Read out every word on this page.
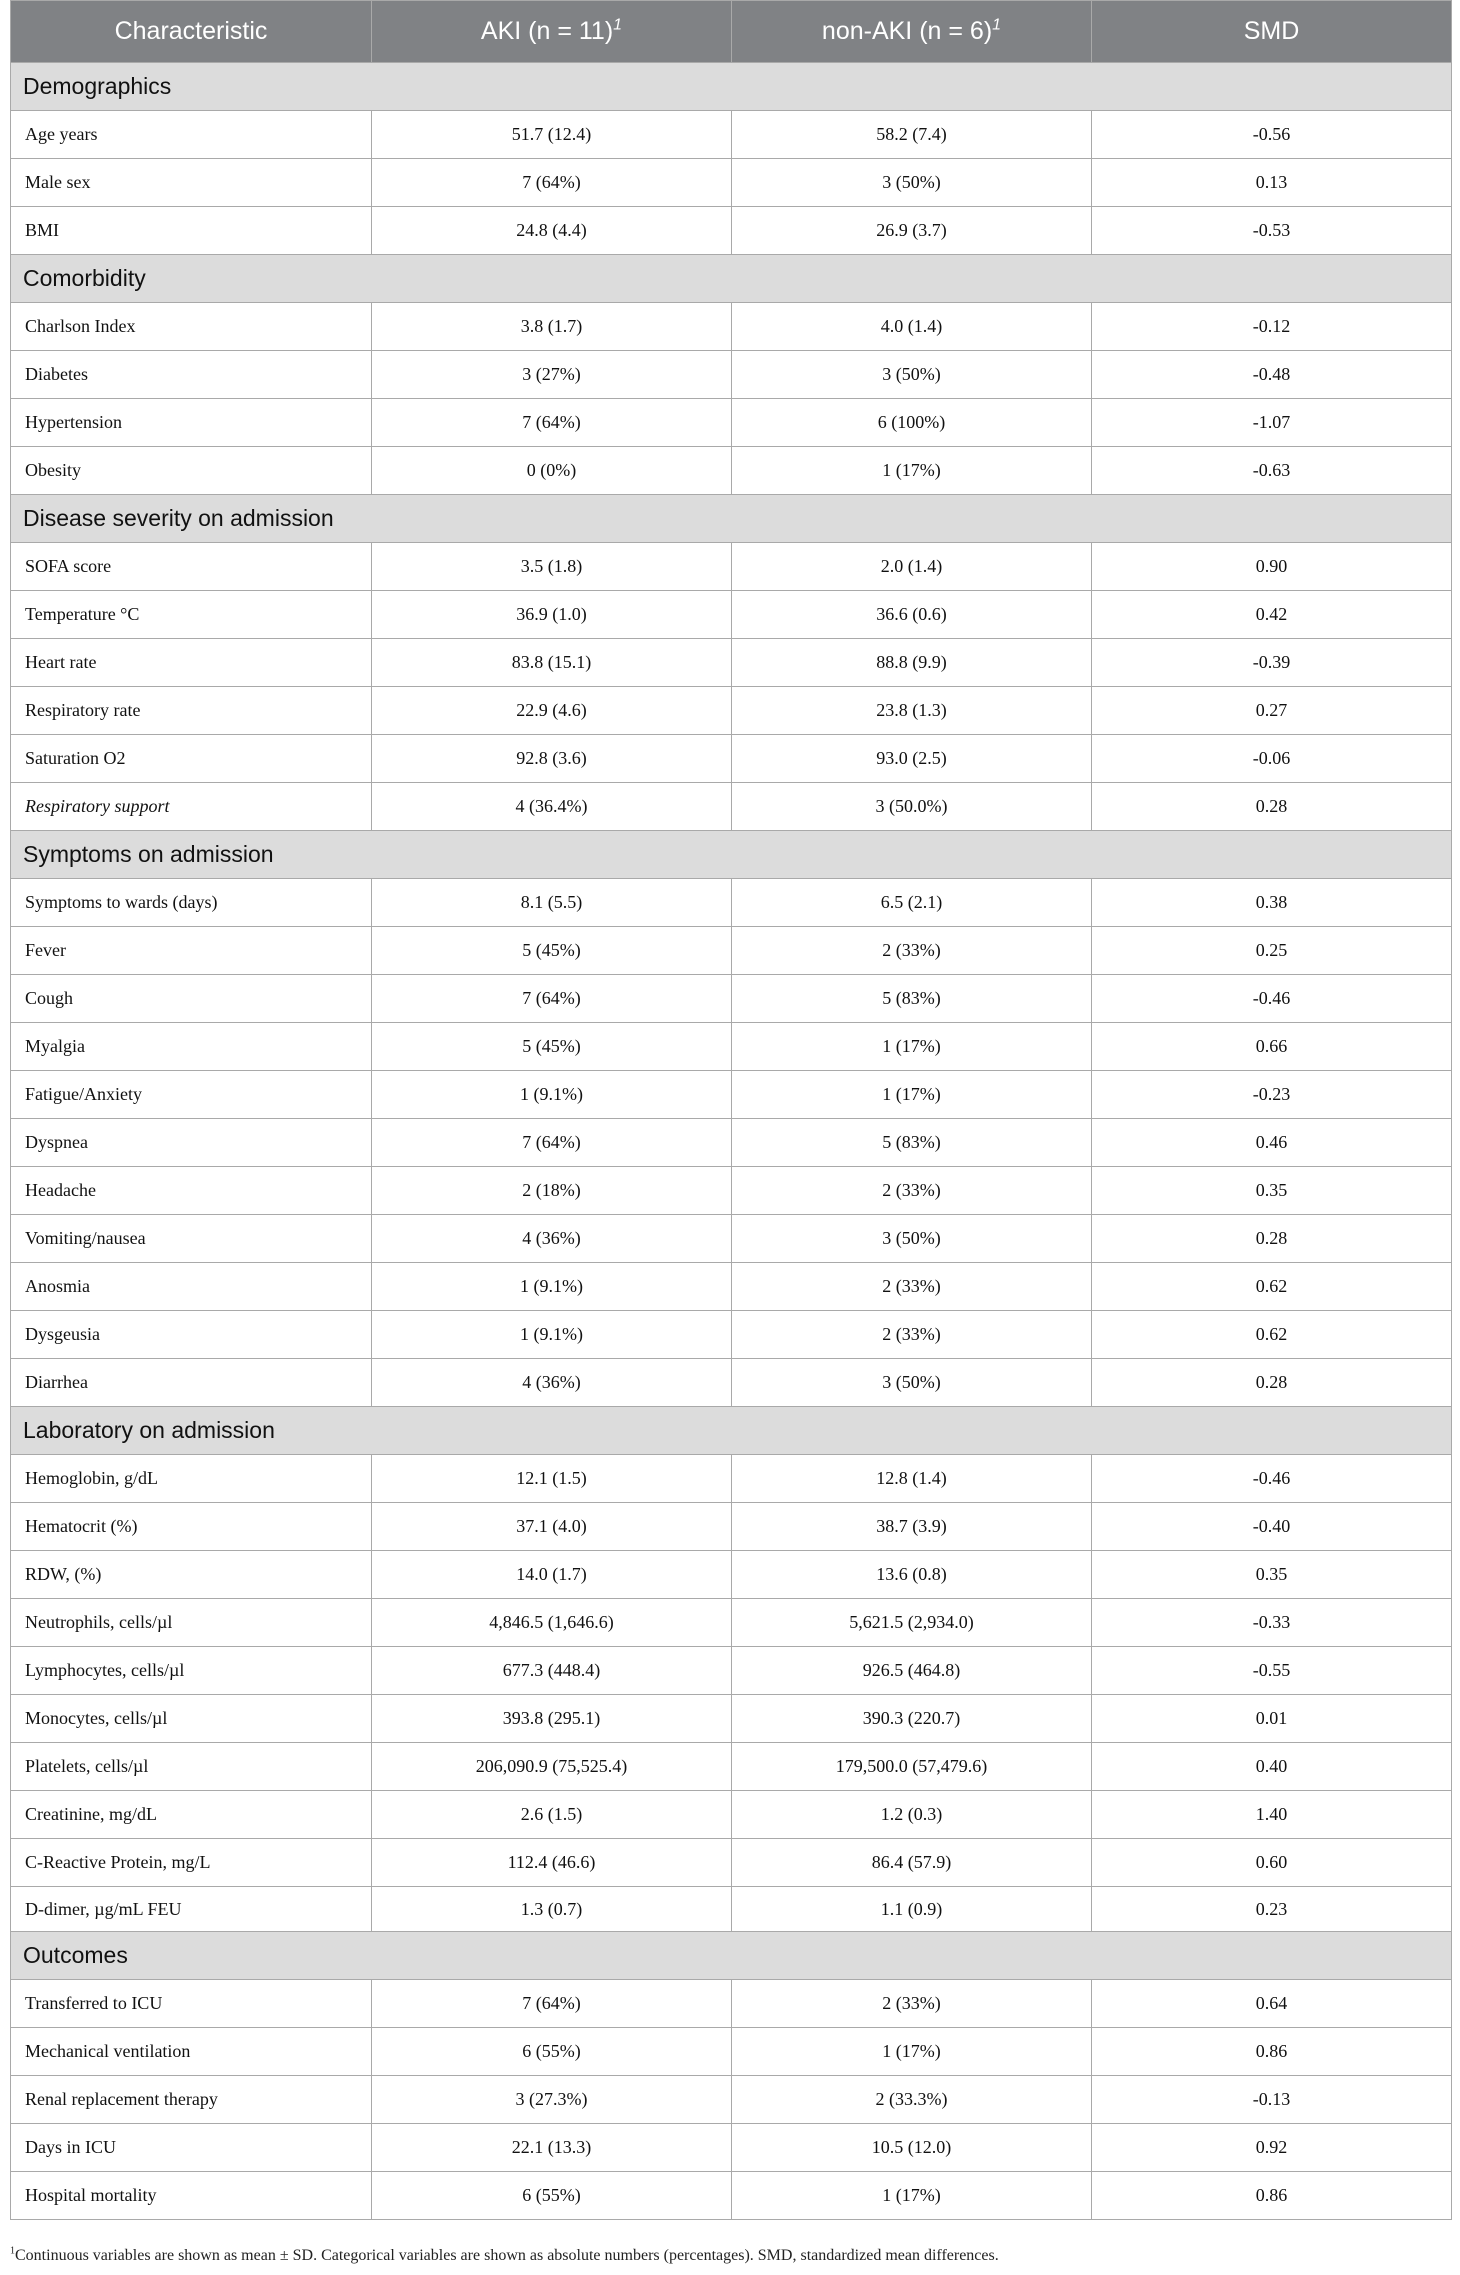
Characteristic	AKI (n = 11)$^1$	non-AKI (n = 6)$^1$	SMD
Demographics			
Age years	51.7 (12.4)	58.2 (7.4)	-0.56
Male sex	7 (64%)	3 (50%)	0.13
BMI	24.8 (4.4)	26.9 (3.7)	-0.53
Comorbidity			
Charlson Index	3.8 (1.7)	4.0 (1.4)	-0.12
Diabetes	3 (27%)	3 (50%)	-0.48
Hypertension	7 (64%)	6 (100%)	-1.07
Obesity	0 (0%)	1 (17%)	-0.63
Disease severity on admission			
SOFA score	3.5 (1.8)	2.0 (1.4)	0.90
Temperature °C	36.9 (1.0)	36.6 (0.6)	0.42
Heart rate	83.8 (15.1)	88.8 (9.9)	-0.39
Respiratory rate	22.9 (4.6)	23.8 (1.3)	0.27
Saturation O2	92.8 (3.6)	93.0 (2.5)	-0.06
Respiratory support	4 (36.4%)	3 (50.0%)	0.28
Symptoms on admission			
Symptoms to wards (days)	8.1 (5.5)	6.5 (2.1)	0.38
Fever	5 (45%)	2 (33%)	0.25
Cough	7 (64%)	5 (83%)	-0.46
Myalgia	5 (45%)	1 (17%)	0.66
Fatigue/Anxiety	1 (9.1%)	1 (17%)	-0.23
Dyspnea	7 (64%)	5 (83%)	0.46
Headache	2 (18%)	2 (33%)	0.35
Vomiting/nausea	4 (36%)	3 (50%)	0.28
Anosmia	1 (9.1%)	2 (33%)	0.62
Dysgeusia	1 (9.1%)	2 (33%)	0.62
Diarrhea	4 (36%)	3 (50%)	0.28
Laboratory on admission			
Hemoglobin, g/dL	12.1 (1.5)	12.8 (1.4)	-0.46
Hematocrit (%)	37.1 (4.0)	38.7 (3.9)	-0.40
RDW, (%)	14.0 (1.7)	13.6 (0.8)	0.35
Neutrophils, cells/µl	4,846.5 (1,646.6)	5,621.5 (2,934.0)	-0.33
Lymphocytes, cells/µl	677.3 (448.4)	926.5 (464.8)	-0.55
Monocytes, cells/µl	393.8 (295.1)	390.3 (220.7)	0.01
Platelets, cells/µl	206,090.9 (75,525.4)	179,500.0 (57,479.6)	0.40
Creatinine, mg/dL	2.6 (1.5)	1.2 (0.3)	1.40
C-Reactive Protein, mg/L	112.4 (46.6)	86.4 (57.9)	0.60
D-dimer, µg/mL FEU	1.3 (0.7)	1.1 (0.9)	0.23
Outcomes			
Transferred to ICU	7 (64%)	2 (33%)	0.64
Mechanical ventilation	6 (55%)	1 (17%)	0.86
Renal replacement therapy	3 (27.3%)	2 (33.3%)	-0.13
Days in ICU	22.1 (13.3)	10.5 (12.0)	0.92
Hospital mortality	6 (55%)	1 (17%)	0.86
$^1$Continuous variables are shown as mean ± SD. Categorical variables are shown as absolute numbers (percentages). SMD, standardized mean differences.
